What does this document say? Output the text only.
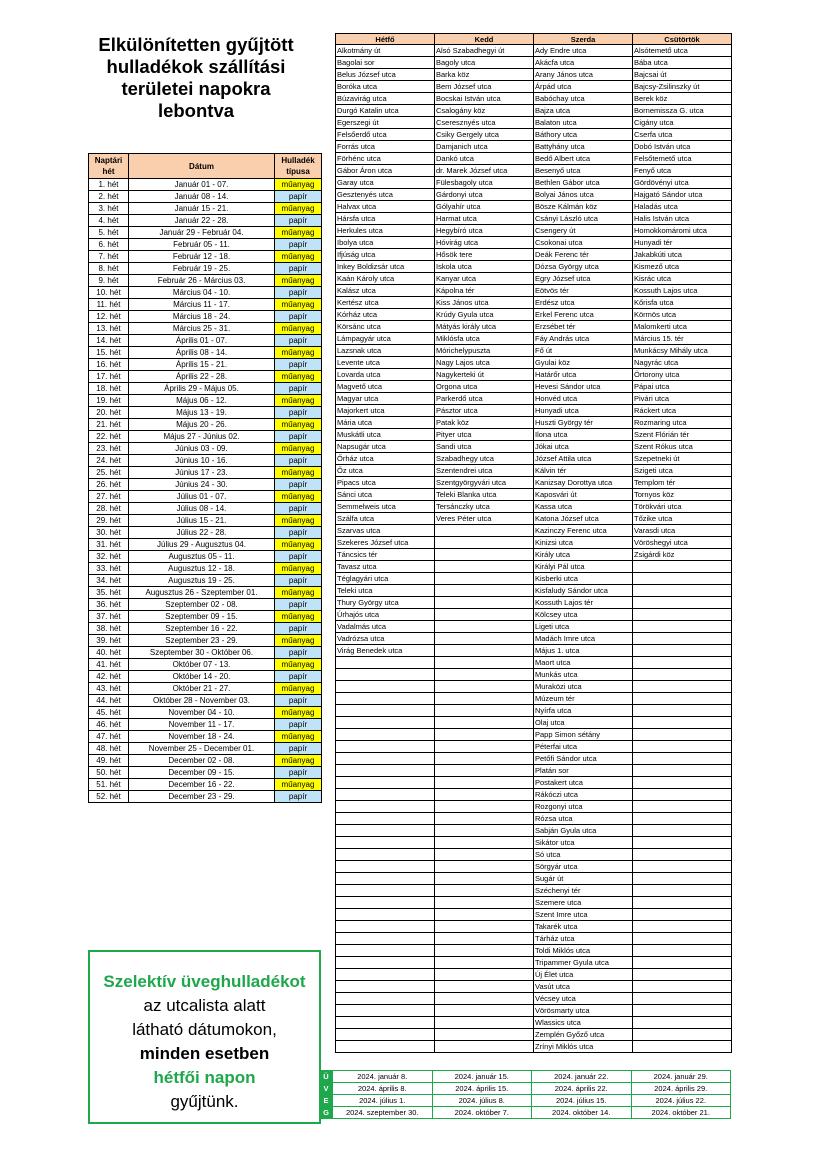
Elkülönítetten gyűjtött
hulladékok szállítási
területei napokra
lebontva
Naptári hét	Dátum	Hulladék típusa
1. hét	Január 01 - 07.	műanyag
2. hét	Január 08 - 14.	papír
3. hét	Január 15 - 21.	műanyag
4. hét	Január 22 - 28.	papír
5. hét	Január 29 - Február 04.	műanyag
6. hét	Február 05 - 11.	papír
7. hét	Február 12 - 18.	műanyag
8. hét	Február 19 - 25.	papír
9. hét	Február 26 - Március 03.	műanyag
10. hét	Március 04 - 10.	papír
11. hét	Március 11 - 17.	műanyag
12. hét	Március 18 - 24.	papír
13. hét	Március 25 - 31.	műanyag
14. hét	Április 01 - 07.	papír
15. hét	Április 08 - 14.	műanyag
16. hét	Április 15 - 21.	papír
17. hét	Április 22 - 28.	műanyag
18. hét	Április 29 - Május 05.	papír
19. hét	Május 06 - 12.	műanyag
20. hét	Május 13 - 19.	papír
21. hét	Május 20 - 26.	műanyag
22. hét	Május 27 - Június 02.	papír
23. hét	Június 03 - 09.	műanyag
24. hét	Június 10 - 16.	papír
25. hét	Június 17 - 23.	műanyag
26. hét	Június 24 - 30.	papír
27. hét	Július 01 - 07.	műanyag
28. hét	Július 08 - 14.	papír
29. hét	Július 15 - 21.	műanyag
30. hét	Július 22 - 28.	papír
31. hét	Július 29 - Augusztus 04.	műanyag
32. hét	Augusztus 05 - 11.	papír
33. hét	Augusztus 12 - 18.	műanyag
34. hét	Augusztus 19 - 25.	papír
35. hét	Augusztus 26 - Szeptember 01.	műanyag
36. hét	Szeptember 02 - 08.	papír
37. hét	Szeptember 09 - 15.	műanyag
38. hét	Szeptember 16 - 22.	papír
39. hét	Szeptember 23 - 29.	műanyag
40. hét	Szeptember 30 - Október 06.	papír
41. hét	Október 07 - 13.	műanyag
42. hét	Október 14 - 20.	papír
43. hét	Október 21 - 27.	műanyag
44. hét	Október 28 - November 03.	papír
45. hét	November 04 - 10.	műanyag
46. hét	November 11 - 17.	papír
47. hét	November 18 - 24.	műanyag
48. hét	November 25 - December 01.	papír
49. hét	December 02 - 08.	műanyag
50. hét	December 09 - 15.	papír
51. hét	December 16 - 22.	műanyag
52. hét	December 23 - 29.	papír
Hétfő	Kedd	Szerda	Csütörtök
Alkotmány út	Alsó Szabadhegyi út	Ady Endre utca	Alsótemető utca
Bagolai sor	Bagoly utca	Akácfa utca	Bába utca
Belus József utca	Barka köz	Arany János utca	Bajcsai út
Boróka utca	Bem József utca	Árpád utca	Bajcsy-Zsilinszky út
Búzavirág utca	Bocskai István utca	Babóchay utca	Berek köz
Durgó Katalin utca	Csalogány köz	Bajza utca	Bornemissza G. utca
Egerszegi út	Cseresznyés utca	Balaton utca	Cigány utca
Felsőerdő utca	Csiky Gergely utca	Báthory utca	Cserfa utca
Forrás utca	Damjanich utca	Battyhány utca	Dobó István utca
Förhénc utca	Dankó utca	Bedő Albert utca	Felsőtemető utca
Gábor Áron utca	dr. Marek József utca	Besenyő utca	Fenyő utca
Garay utca	Fülesbagoly utca	Bethlen Gábor utca	Gördövényi utca
Gesztenyés utca	Gárdonyi utca	Bolyai János utca	Hajgató Sándor utca
Halvax utca	Gólyahír utca	Bösze Kálmán köz	Haladás utca
Hársfa utca	Harmat utca	Csányi László utca	Halis István utca
Herkules utca	Hegybíró utca	Csengery út	Homokkomáromi utca
Ibolya utca	Hóvirág utca	Csokonai utca	Hunyadi tér
Ifjúság utca	Hősök tere	Deák Ferenc tér	Jakabkúti utca
Inkey Boldizsár utca	Iskola utca	Dózsa György utca	Kismező utca
Kaán Károly utca	Kanyar utca	Egry József utca	Kisrác utca
Kalász utca	Kápolna tér	Eötvös tér	Kossuth Lajos utca
Kertész utca	Kiss János utca	Erdész utca	Kőrisfa utca
Kórház utca	Krúdy Gyula utca	Erkel Ferenc utca	Körmös utca
Körsánc utca	Mátyás király utca	Erzsébet tér	Malomkerti utca
Lámpagyár utca	Miklósfa utca	Fáy András utca	Március 15. tér
Lazsnak utca	Mórichelypuszta	Fő út	Munkácsy Mihály utca
Levente utca	Nagy Lajos utca	Gyulai köz	Nagyrác utca
Lovarda utca	Nagykerteki út	Határőr utca	Örtorony utca
Magvető utca	Orgona utca	Hevesi Sándor utca	Pápai utca
Magyar utca	Parkerdő utca	Honvéd utca	Pivári utca
Majorkert utca	Pásztor utca	Hunyadi utca	Ráckert utca
Mária utca	Patak köz	Huszti György tér	Rozmaring utca
Muskátli utca	Pityer utca	Ilona utca	Szent Flórián tér
Napsugár utca	Sandi utca	Jókai utca	Szent Rókus utca
Őrház utca	Szabadhegy utca	József Attila utca	Szepetneki út
Őz utca	Szentendrei utca	Kálvin tér	Szigeti utca
Pipacs utca	Szentgyörgyvári utca	Kanizsay Dorottya utca	Templom tér
Sánci utca	Teleki Blanka utca	Kaposvári út	Tornyos köz
Semmelweis utca	Tersánczky utca	Kassa utca	Törökvári utca
Szálfa utca	Veres Péter utca	Katona József utca	Tőzike utca
Szarvas utca		Kazinczy Ferenc utca	Varasdi utca
Szekeres József utca		Kinizsi utca	Vöröshegyi utca
Táncsics tér		Király utca	Zsigárdi köz
Tavasz utca		Királyi Pál utca	
Téglagyári utca		Kisberki utca	
Teleki utca		Kisfaludy Sándor utca	
Thury György utca		Kossuth Lajos tér	
Úrhajós utca		Kölcsey utca	
Vadalmás utca		Ligeti utca	
Vadrózsa utca		Madách Imre utca	
Virág Benedek utca		Május 1. utca	
		Maort utca	
		Munkás utca	
		Muraközi utca	
		Múzeum tér	
		Nyírfa utca	
		Olaj utca	
		Papp Simon sétány	
		Péterfai utca	
		Petőfi Sándor utca	
		Platán sor	
		Postakert utca	
		Rákóczi utca	
		Rozgonyi utca	
		Rózsa utca	
		Sabján Gyula utca	
		Sikátor utca	
		Só utca	
		Sörgyár utca	
		Sugár út	
		Széchenyi tér	
		Szemere utca	
		Szent Imre utca	
		Takarék utca	
		Tárház utca	
		Toldi Miklós utca	
		Tripammer Gyula utca	
		Új Élet utca	
		Vasút utca	
		Vécsey utca	
		Vörösmarty utca	
		Wlassics utca	
		Zemplén Győző utca	
		Zrínyi Miklós utca	
Szelektív üveghulladékot
az utcalista alatt
látható dátumokon,
minden esetben
hétfői napon
gyűjtünk.
Ü	2024. január 8.	2024. január 15.	2024. január 22.	2024. január 29.
V	2024. április 8.	2024. április 15.	2024. április 22.	2024. április 29.
E	2024. július 1.	2024. július 8.	2024. július 15.	2024. július 22.
G	2024. szeptember 30.	2024. október 7.	2024. október 14.	2024. október 21.
